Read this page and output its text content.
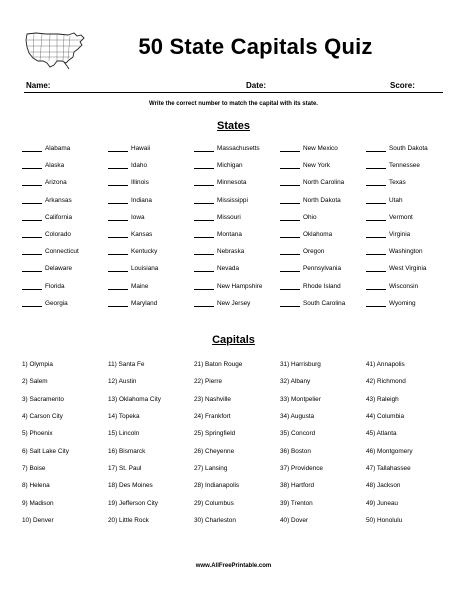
50 State Capitals Quiz
Name:	Date:	Score:
Write the correct number to match the capital with its state.
States
Alabama
Alaska
Arizona
Arkansas
California
Colorado
Connecticut
Delaware
Florida
Georgia
Hawaii
Idaho
Illinois
Indiana
Iowa
Kansas
Kentucky
Louisiana
Maine
Maryland
Massachusetts
Michigan
Minnesota
Mississippi
Missouri
Montana
Nebraska
Nevada
New Hampshire
New Jersey
New Mexico
New York
North Carolina
North Dakota
Ohio
Oklahoma
Oregon
Pennsylvania
Rhode Island
South Carolina
South Dakota
Tennessee
Texas
Utah
Vermont
Virginia
Washington
West Virginia
Wisconsin
Wyoming
Capitals
1) Olympia
2) Salem
3) Sacramento
4) Carson City
5) Phoenix
6) Salt Lake City
7) Boise
8) Helena
9) Madison
10) Denver
11) Santa Fe
12) Austin
13) Oklahoma City
14) Topeka
15) Lincoln
16) Bismarck
17) St. Paul
18) Des Moines
19) Jefferson City
20) Little Rock
21) Baton Rouge
22) Pierre
23) Nashville
24) Frankfort
25) Springfield
26) Cheyenne
27) Lansing
28) Indianapolis
29) Columbus
30) Charleston
31) Harrisburg
32) Albany
33) Montpelier
34) Augusta
35) Concord
36) Boston
37) Providence
38) Hartford
39) Trenton
40) Dover
41) Annapolis
42) Richmond
43) Raleigh
44) Columbia
45) Atlanta
46) Montgomery
47) Tallahassee
48) Jackson
49) Juneau
50) Honolulu
www.AllFreePrintable.com
